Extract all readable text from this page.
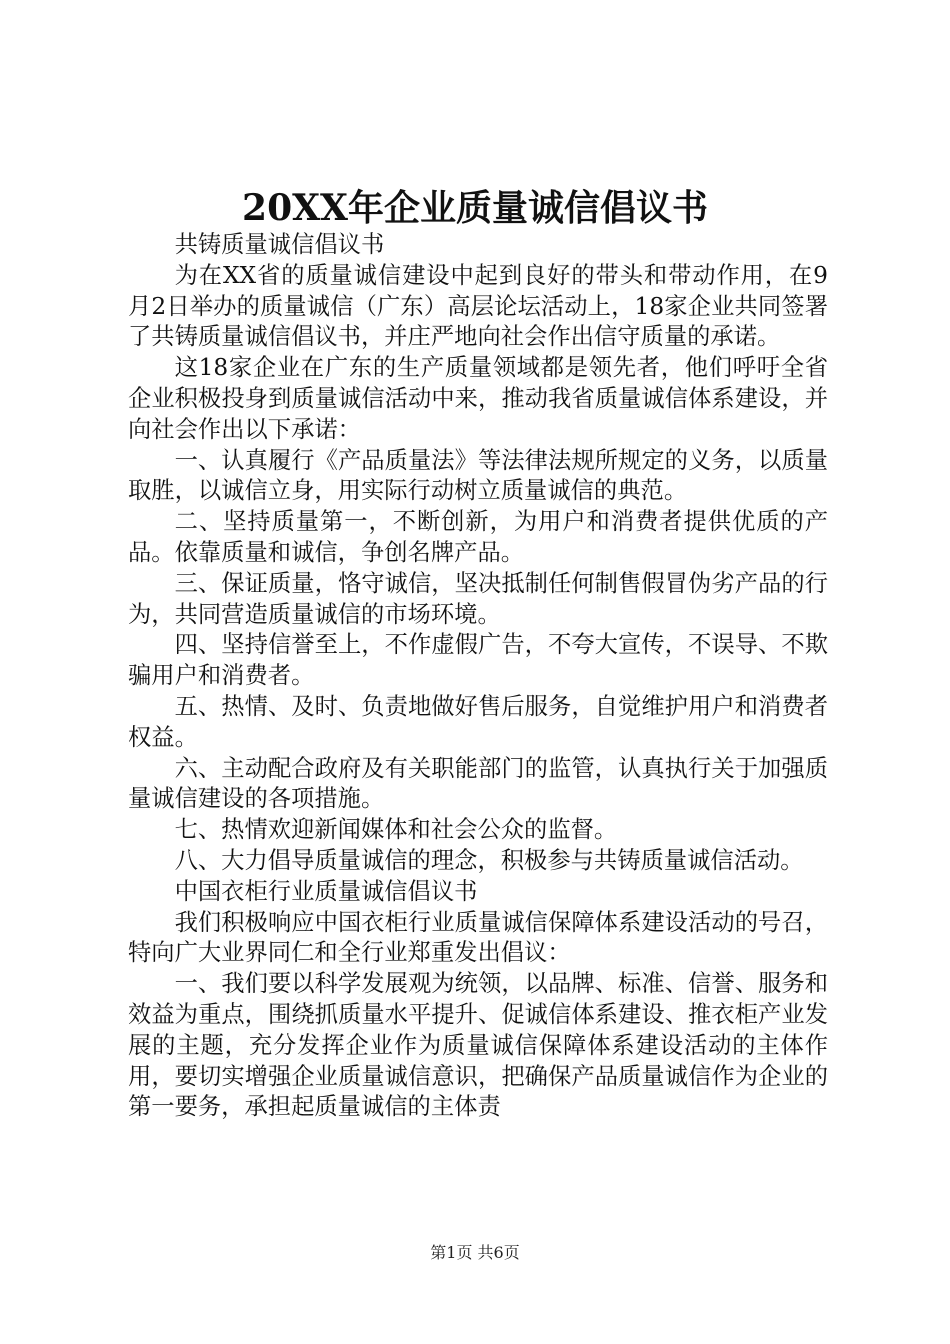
20XX年企业质量诚信倡议书

共铸质量诚信倡议书

为在XX省的质量诚信建设中起到良好的带头和带动作用，在9月2日举办的质量诚信（广东）高层论坛活动上，18家企业共同签署了共铸质量诚信倡议书，并庄严地向社会作出信守质量的承诺。

这18家企业在广东的生产质量领域都是领先者，他们呼吁全省企业积极投身到质量诚信活动中来，推动我省质量诚信体系建设，并向社会作出以下承诺：

一、认真履行《产品质量法》等法律法规所规定的义务，以质量取胜，以诚信立身，用实际行动树立质量诚信的典范。

二、坚持质量第一，不断创新，为用户和消费者提供优质的产品。依靠质量和诚信，争创名牌产品。

三、保证质量，恪守诚信，坚决抵制任何制售假冒伪劣产品的行为，共同营造质量诚信的市场环境。

四、坚持信誉至上，不作虚假广告，不夸大宣传，不误导、不欺骗用户和消费者。

五、热情、及时、负责地做好售后服务，自觉维护用户和消费者权益。

六、主动配合政府及有关职能部门的监管，认真执行关于加强质量诚信建设的各项措施。

七、热情欢迎新闻媒体和社会公众的监督。

八、大力倡导质量诚信的理念，积极参与共铸质量诚信活动。

中国衣柜行业质量诚信倡议书

我们积极响应中国衣柜行业质量诚信保障体系建设活动的号召，特向广大业界同仁和全行业郑重发出倡议：

一、我们要以科学发展观为统领，以品牌、标准、信誉、服务和效益为重点，围绕抓质量水平提升、促诚信体系建设、推衣柜产业发展的主题，充分发挥企业作为质量诚信保障体系建设活动的主体作用，要切实增强企业质量诚信意识，把确保产品质量诚信作为企业的第一要务，承担起质量诚信的主体责

第1页 共6页
